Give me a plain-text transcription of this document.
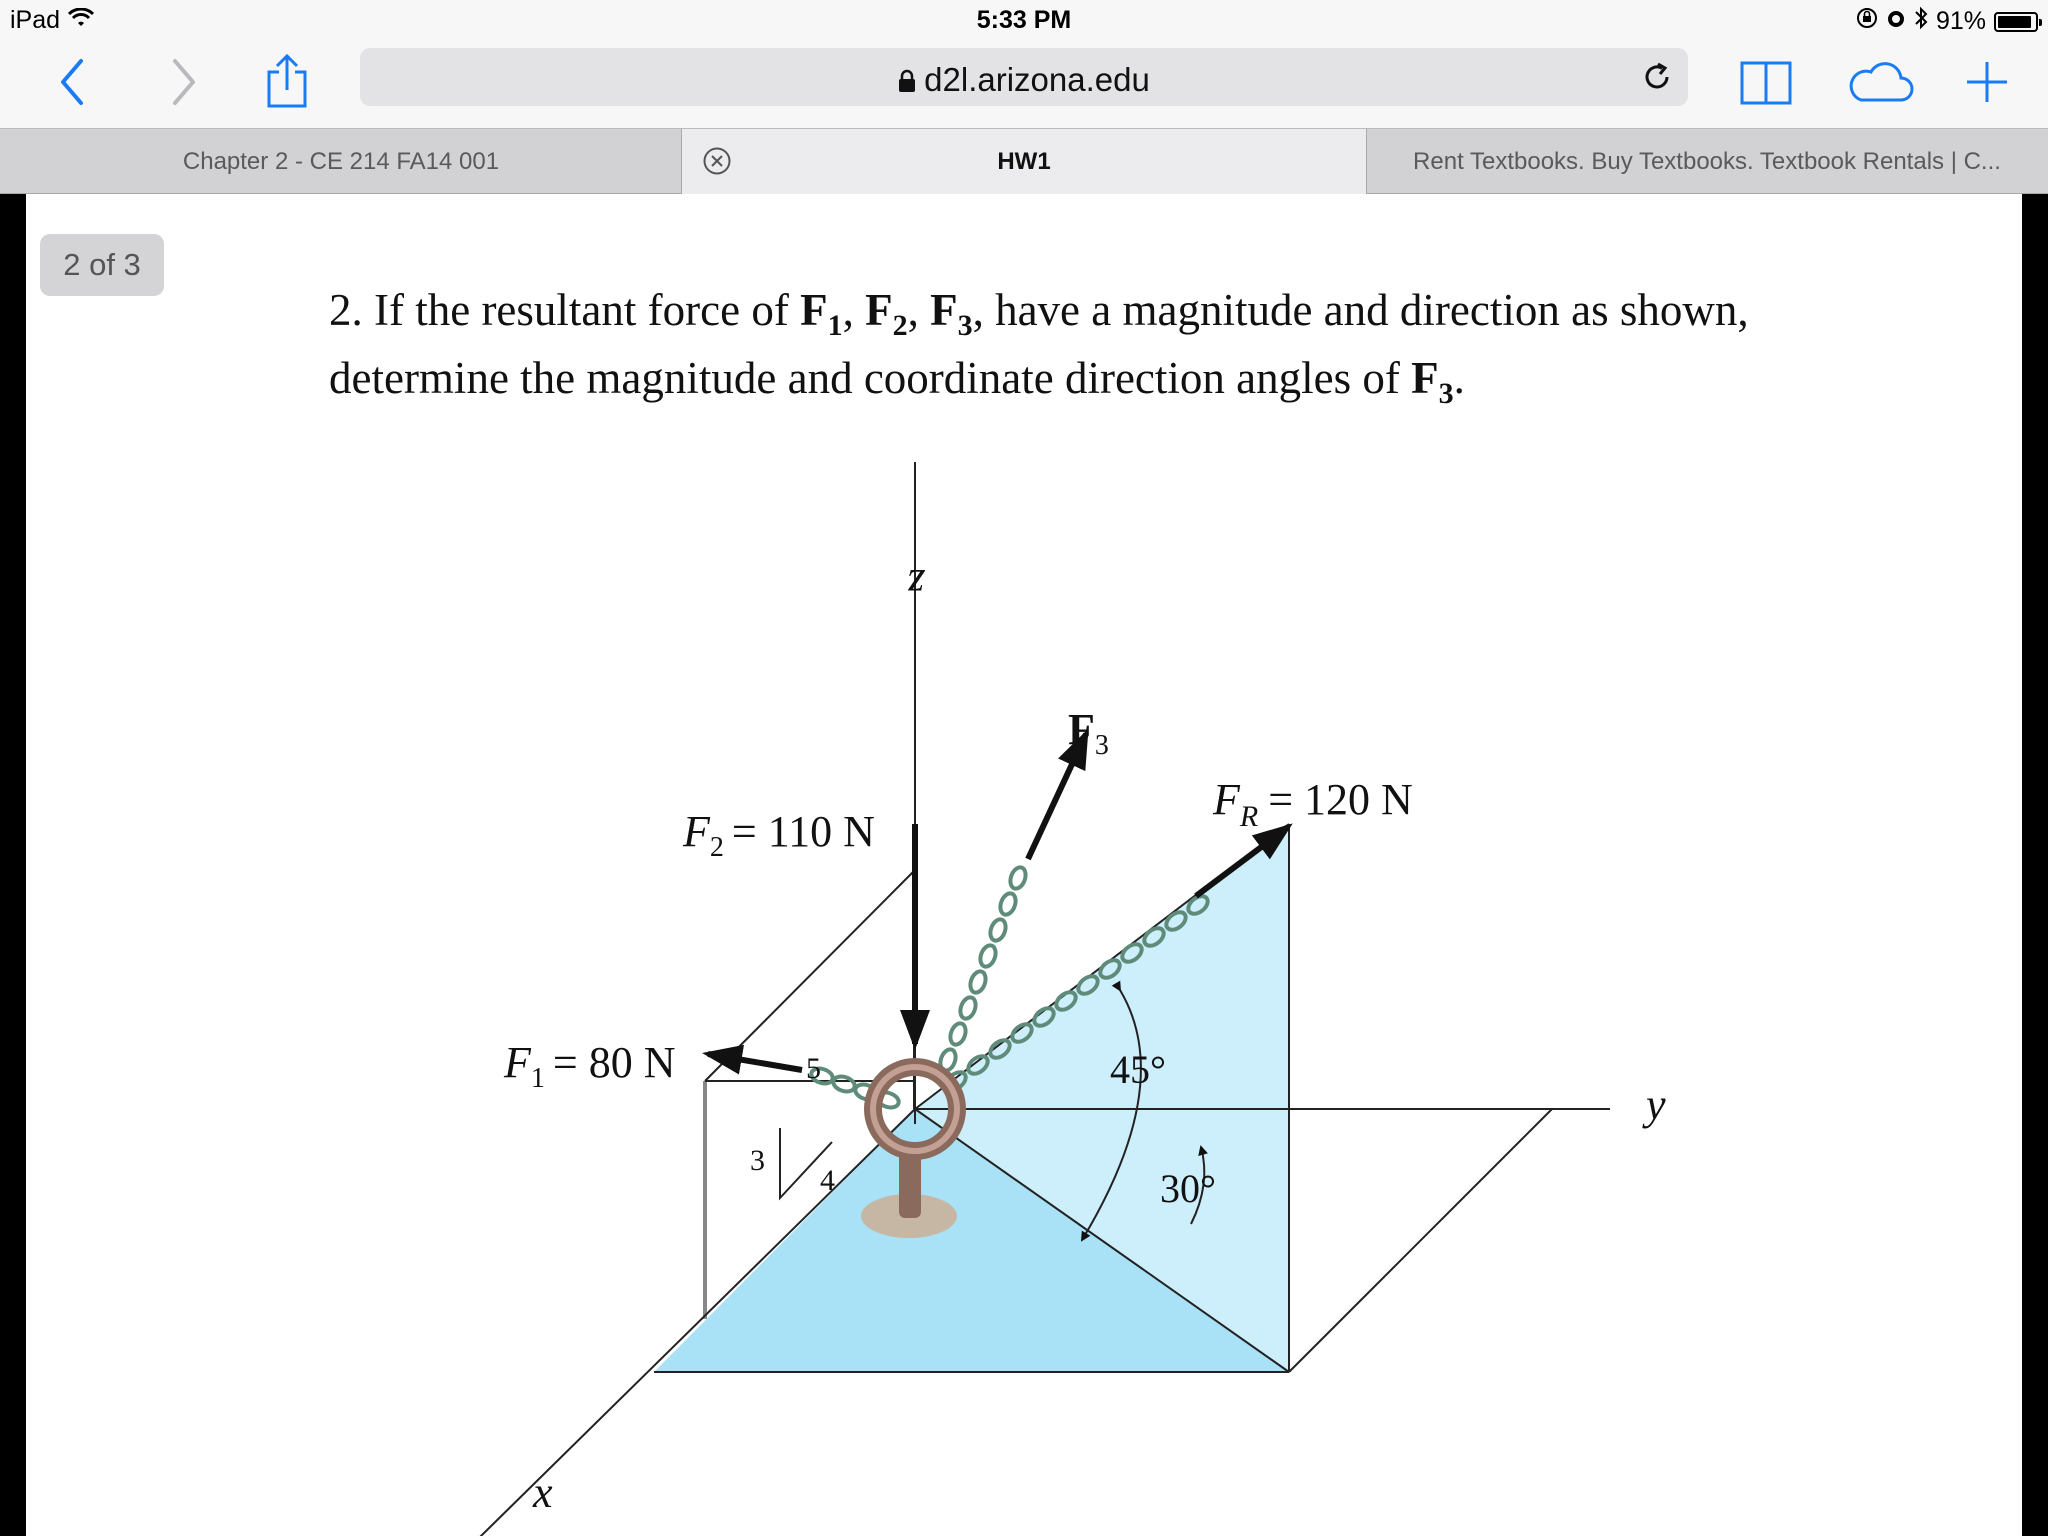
iPad	5:33 PM	91%
d2l.arizona.edu
Chapter 2 - CE 214 FA14 001	HW1	Rent Textbooks. Buy Textbooks. Textbook Rentals | C...
2 of 3
2. If the resultant force of $F_1$, $F_2$, $F_3$, have a magnitude and direction as shown, determine the magnitude and coordinate direction angles of $F_3$.
z
y
x
$F_2 = 110$ N
$F_1 = 80$ N
$F_3$
$F_R = 120$ N
45°
30°
5
3
4
